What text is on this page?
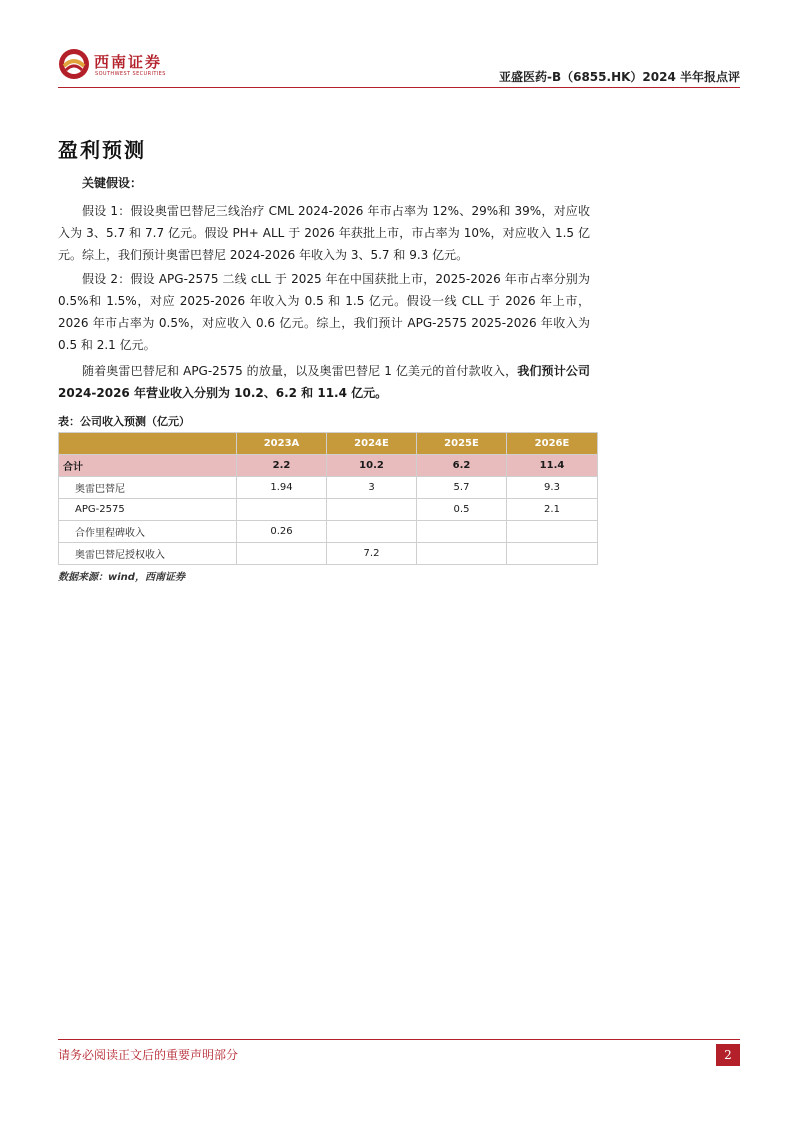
西南证券
SOUTHWEST SECURITIES	亚盛医药-B（6855.HK）2024 半年报点评
盈利预测

关键假设：

假设 1：假设奥雷巴替尼三线治疗 CML 2024-2026 年市占率为 12%、29%和 39%，对应收入为 3、5.7 和 7.7 亿元。假设 PH+ ALL 于 2026 年获批上市，市占率为 10%，对应收入 1.5 亿元。综上，我们预计奥雷巴替尼 2024-2026 年收入为 3、5.7 和 9.3 亿元。

假设 2：假设 APG-2575 二线 cLL 于 2025 年在中国获批上市，2025-2026 年市占率分别为 0.5%和 1.5%，对应 2025-2026 年收入为 0.5 和 1.5 亿元。假设一线 CLL 于 2026 年上市，2026 年市占率为 0.5%，对应收入 0.6 亿元。综上，我们预计 APG-2575 2025-2026 年收入为 0.5 和 2.1 亿元。

随着奥雷巴替尼和 APG-2575 的放量，以及奥雷巴替尼 1 亿美元的首付款收入，我们预计公司 2024-2026 年营业收入分别为 10.2、6.2 和 11.4 亿元。

表：公司收入预测（亿元）
	2023A	2024E	2025E	2026E
合计	2.2	10.2	6.2	11.4
奥雷巴替尼	1.94	3	5.7	9.3
APG-2575			0.5	2.1
合作里程碑收入	0.26			
奥雷巴替尼授权收入		7.2		
数据来源：wind，西南证券
请务必阅读正文后的重要声明部分	2
